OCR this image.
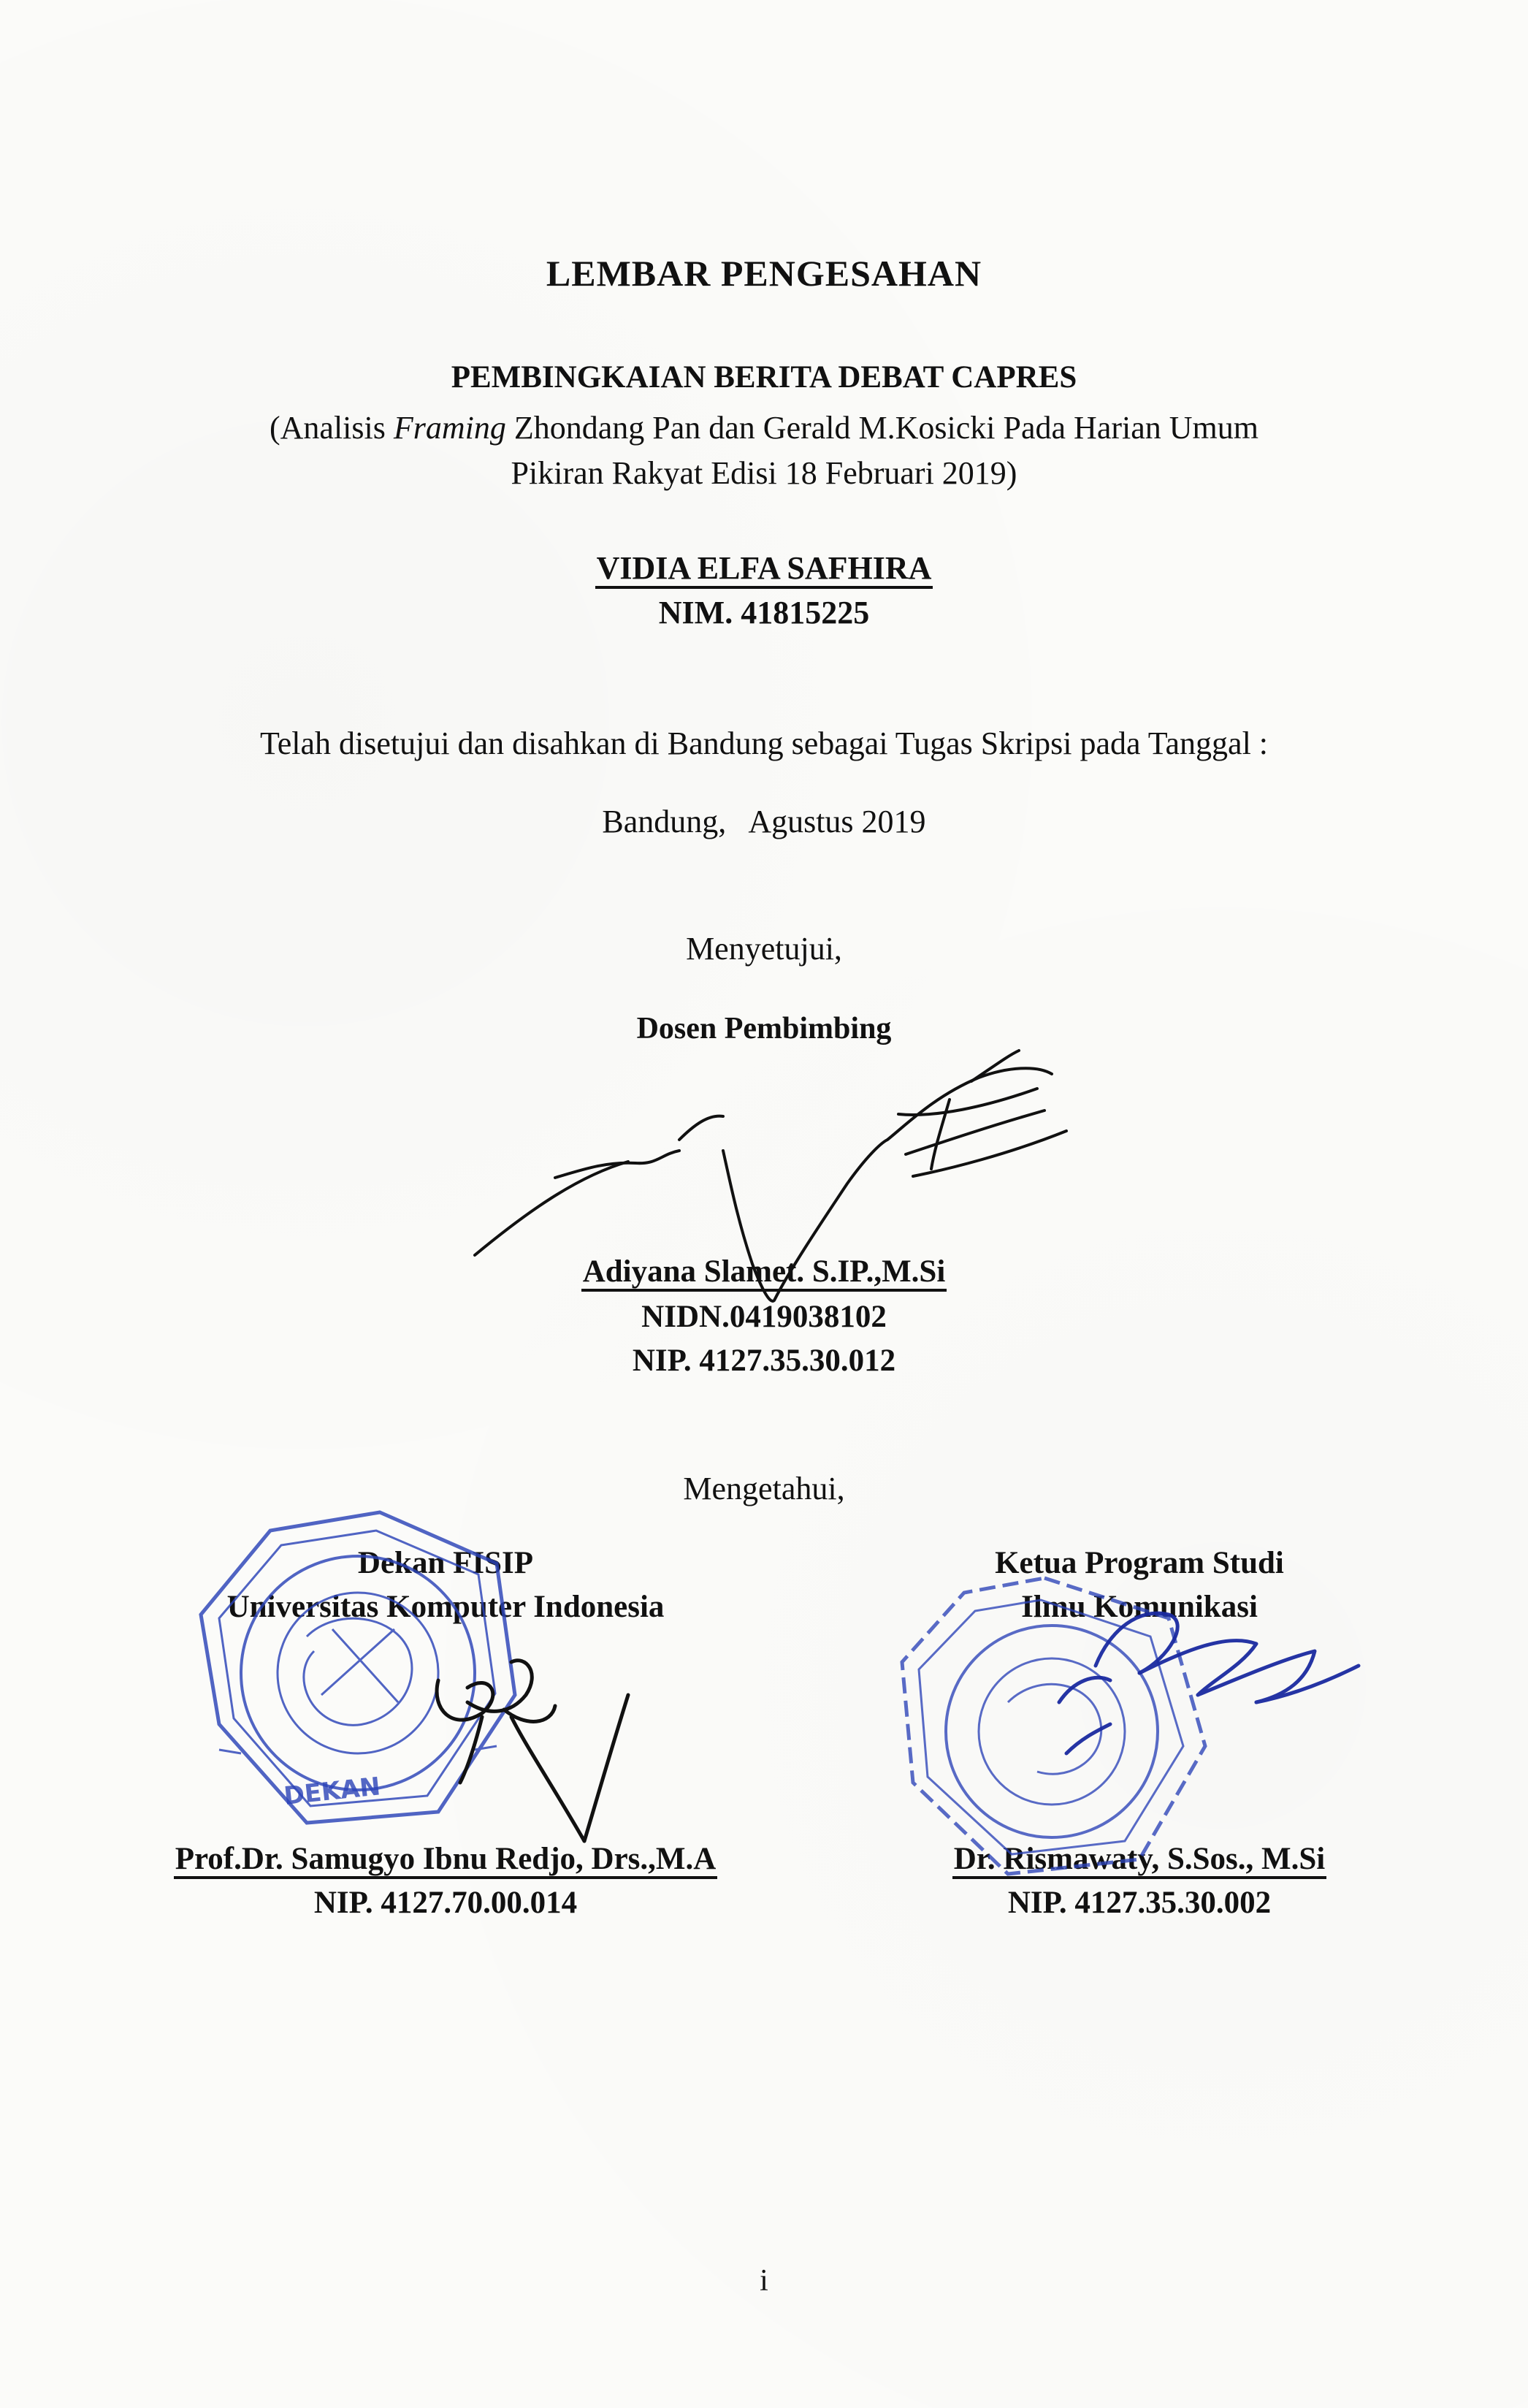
LEMBAR PENGESAHAN
PEMBINGKAIAN BERITA DEBAT CAPRES
(Analisis Framing Zhondang Pan dan Gerald M.Kosicki Pada Harian Umum
Pikiran Rakyat Edisi 18 Februari 2019)
VIDIA ELFA SAFHIRA
NIM. 41815225
Telah disetujui dan disahkan di Bandung sebagai Tugas Skripsi pada Tanggal :
Bandung, Agustus 2019
Menyetujui,
Dosen Pembimbing
Adiyana Slamet. S.IP.,M.Si
NIDN.0419038102
NIP. 4127.35.30.012
Mengetahui,
Dekan FISIP
Universitas Komputer Indonesia
Prof.Dr. Samugyo Ibnu Redjo, Drs.,M.A
NIP. 4127.70.00.014
Ketua Program Studi
Ilmu Komunikasi
Dr. Rismawaty, S.Sos., M.Si
NIP. 4127.35.30.002
DEKAN
i
